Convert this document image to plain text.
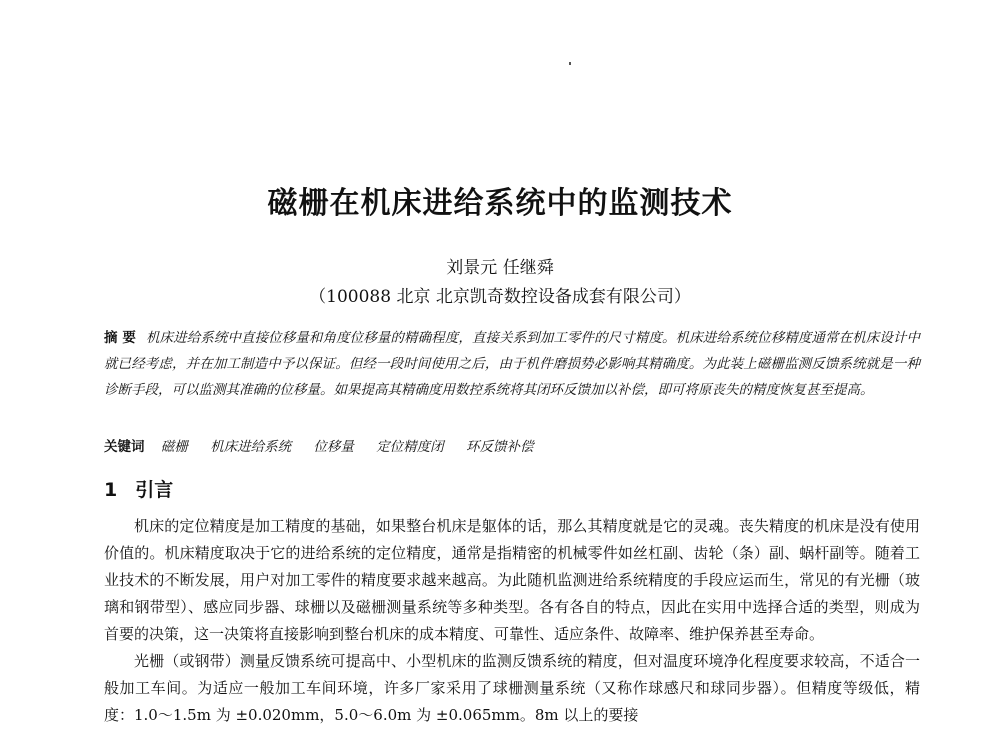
磁栅在机床进给系统中的监测技术
刘景元 任继舜
（100088 北京 北京凯奇数控设备成套有限公司）
摘 要 机床进给系统中直接位移量和角度位移量的精确程度，直接关系到加工零件的尺寸精度。机床进给系统位移精度通常在机床设计中就已经考虑，并在加工制造中予以保证。但经一段时间使用之后，由于机件磨损势必影响其精确度。为此装上磁栅监测反馈系统就是一种诊断手段，可以监测其准确的位移量。如果提高其精确度用数控系统将其闭环反馈加以补偿，即可将原丧失的精度恢复甚至提高。
关键词 磁栅 机床进给系统 位移量 定位精度闭 环反馈补偿
1 引言

机床的定位精度是加工精度的基础，如果整台机床是躯体的话，那么其精度就是它的灵魂。丧失精度的机床是没有使用价值的。机床精度取决于它的进给系统的定位精度，通常是指精密的机械零件如丝杠副、齿轮（条）副、蜗杆副等。随着工业技术的不断发展，用户对加工零件的精度要求越来越高。为此随机监测进给系统精度的手段应运而生，常见的有光栅（玻璃和钢带型）、感应同步器、球栅以及磁栅测量系统等多种类型。各有各自的特点，因此在实用中选择合适的类型，则成为首要的决策，这一决策将直接影响到整台机床的成本精度、可靠性、适应条件、故障率、维护保养甚至寿命。

光栅（或钢带）测量反馈系统可提高中、小型机床的监测反馈系统的精度，但对温度环境净化程度要求较高，不适合一般加工车间。为适应一般加工车间环境，许多厂家采用了球栅测量系统（又称作球感尺和球同步器）。但精度等级低，精度：1.0～1.5m 为 ±0.020mm，5.0～6.0m 为 ±0.065mm。8m 以上的要接
